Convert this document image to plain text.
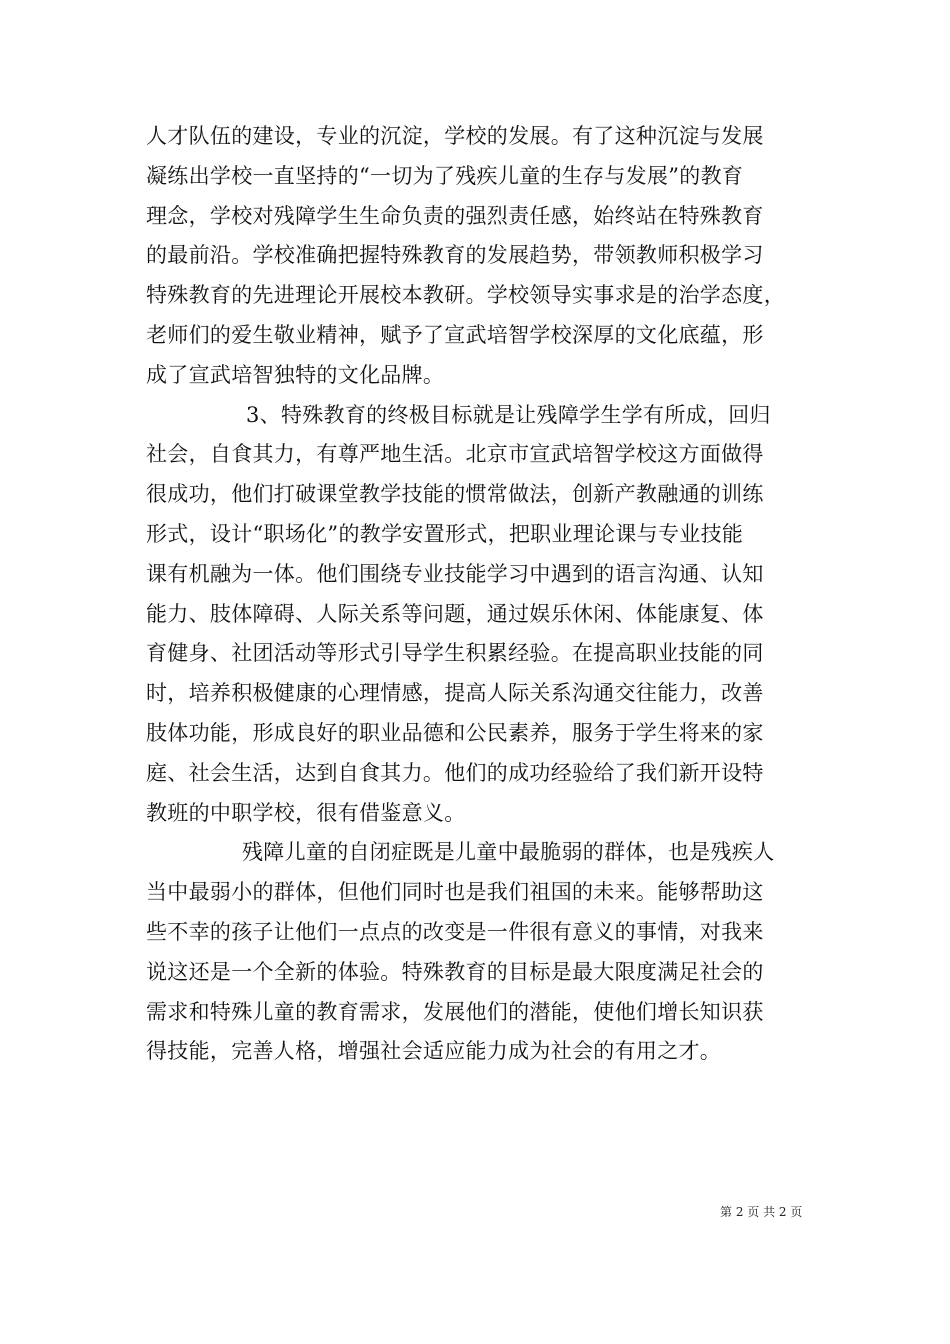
人才队伍的建设，专业的沉淀，学校的发展。有了这种沉淀与发展
凝练出学校一直坚持的“一切为了残疾儿童的生存与发展”的教育
理念，学校对残障学生生命负责的强烈责任感，始终站在特殊教育
的最前沿。学校准确把握特殊教育的发展趋势，带领教师积极学习
特殊教育的先进理论开展校本教研。学校领导实事求是的治学态度，
老师们的爱生敬业精神，赋予了宣武培智学校深厚的文化底蕴，形
成了宣武培智独特的文化品牌。
3、特殊教育的终极目标就是让残障学生学有所成，回归
社会，自食其力，有尊严地生活。北京市宣武培智学校这方面做得
很成功，他们打破课堂教学技能的惯常做法，创新产教融通的训练
形式，设计“职场化”的教学安置形式，把职业理论课与专业技能
课有机融为一体。他们围绕专业技能学习中遇到的语言沟通、认知
能力、肢体障碍、人际关系等问题，通过娱乐休闲、体能康复、体
育健身、社团活动等形式引导学生积累经验。在提高职业技能的同
时，培养积极健康的心理情感，提高人际关系沟通交往能力，改善
肢体功能，形成良好的职业品德和公民素养，服务于学生将来的家
庭、社会生活，达到自食其力。他们的成功经验给了我们新开设特
教班的中职学校，很有借鉴意义。
残障儿童的自闭症既是儿童中最脆弱的群体，也是残疾人
当中最弱小的群体，但他们同时也是我们祖国的未来。能够帮助这
些不幸的孩子让他们一点点的改变是一件很有意义的事情，对我来
说这还是一个全新的体验。特殊教育的目标是最大限度满足社会的
需求和特殊儿童的教育需求，发展他们的潜能，使他们增长知识获
得技能，完善人格，增强社会适应能力成为社会的有用之才。
第 2 页 共 2 页
